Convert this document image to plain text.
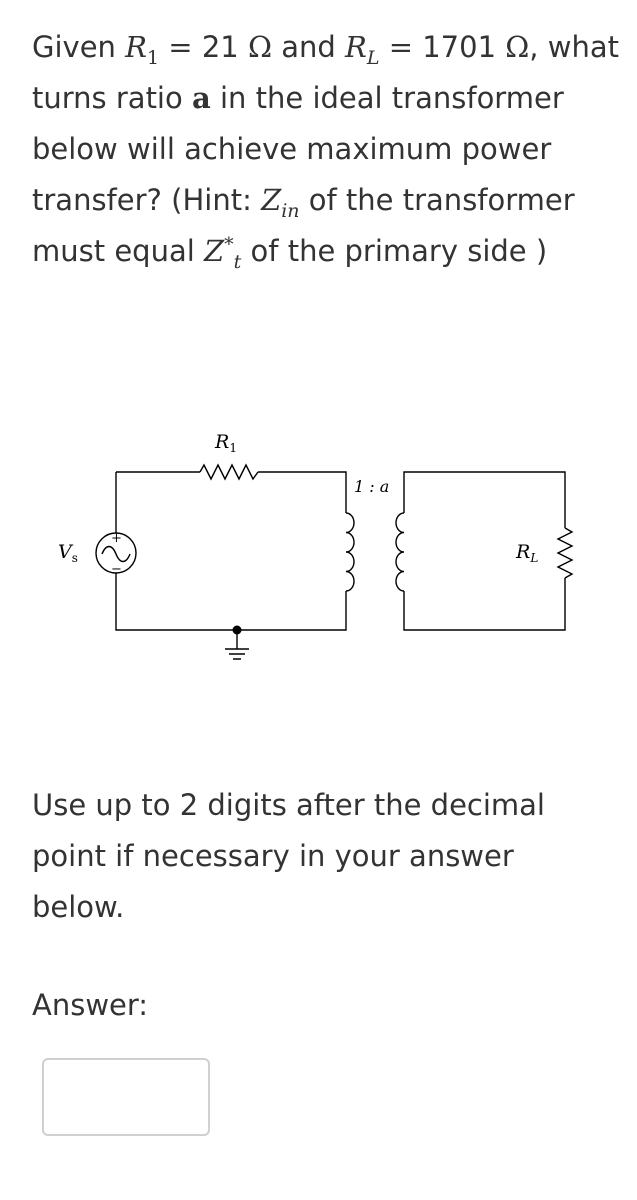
Given $R_1 = 21$ Ω and $R_L = 1701$ Ω, what turns ratio a in the ideal transformer below will achieve maximum power transfer? (Hint: $Z_{in}$ of the transformer must equal $Z^*_t$ of the primary side )
$R_1$
1 : a
$V_s$
+
−
$R_L$
Use up to 2 digits after the decimal point if necessary in your answer below.
Answer:
